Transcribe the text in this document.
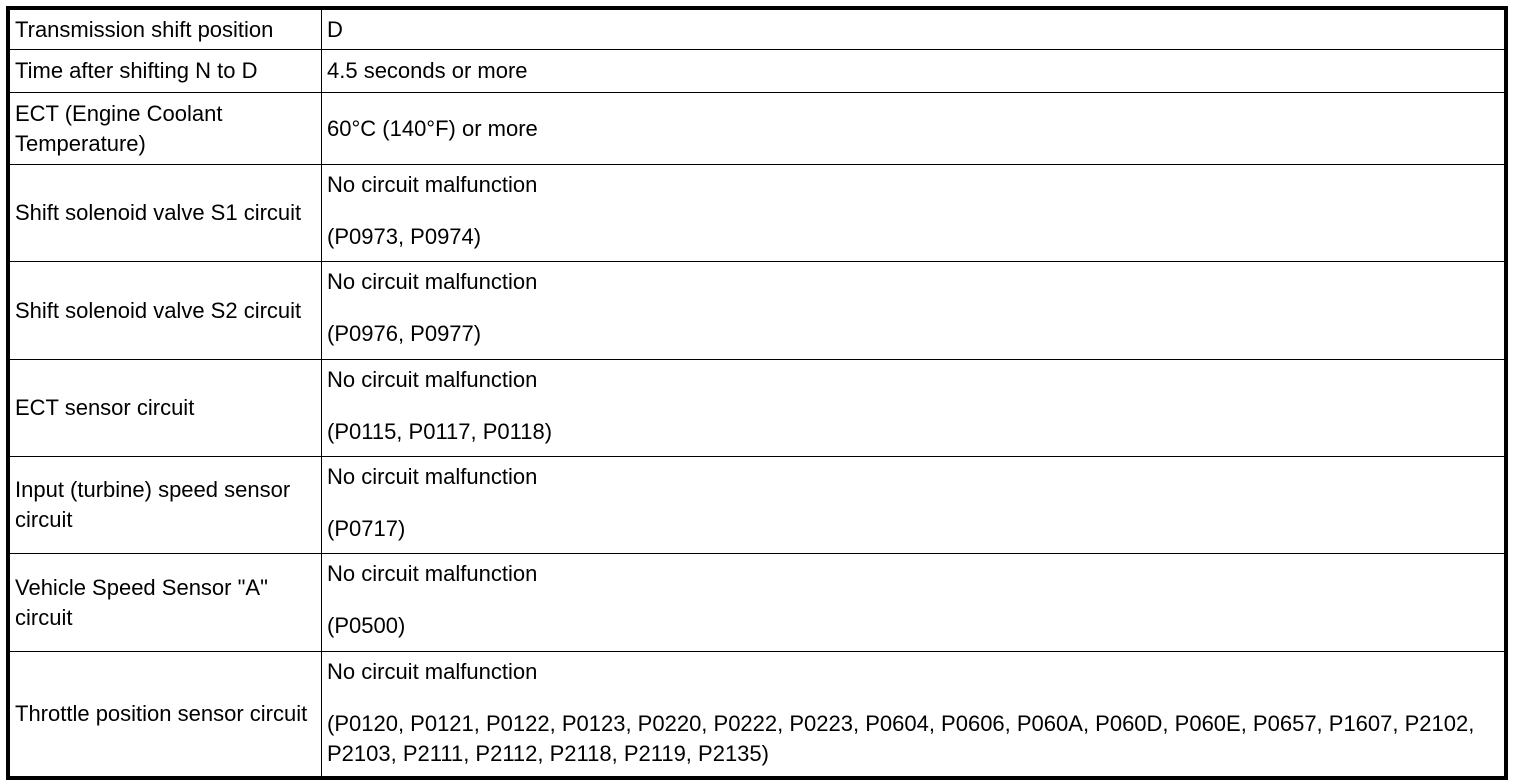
Transmission shift position	D
Time after shifting N to D	4.5 seconds or more
ECT (Engine Coolant Temperature)	60°C (140°F) or more
Shift solenoid valve S1 circuit	No circuit malfunction
(P0973, P0974)

Shift solenoid valve S2 circuit	No circuit malfunction
(P0976, P0977)

ECT sensor circuit	No circuit malfunction
(P0115, P0117, P0118)

Input (turbine) speed sensor circuit	No circuit malfunction
(P0717)

Vehicle Speed Sensor "A" circuit	No circuit malfunction
(P0500)

Throttle position sensor circuit	No circuit malfunction
(P0120, P0121, P0122, P0123, P0220, P0222, P0223, P0604, P0606, P060A, P060D, P060E, P0657, P1607, P2102, P2103, P2111, P2112, P2118, P2119, P2135)
